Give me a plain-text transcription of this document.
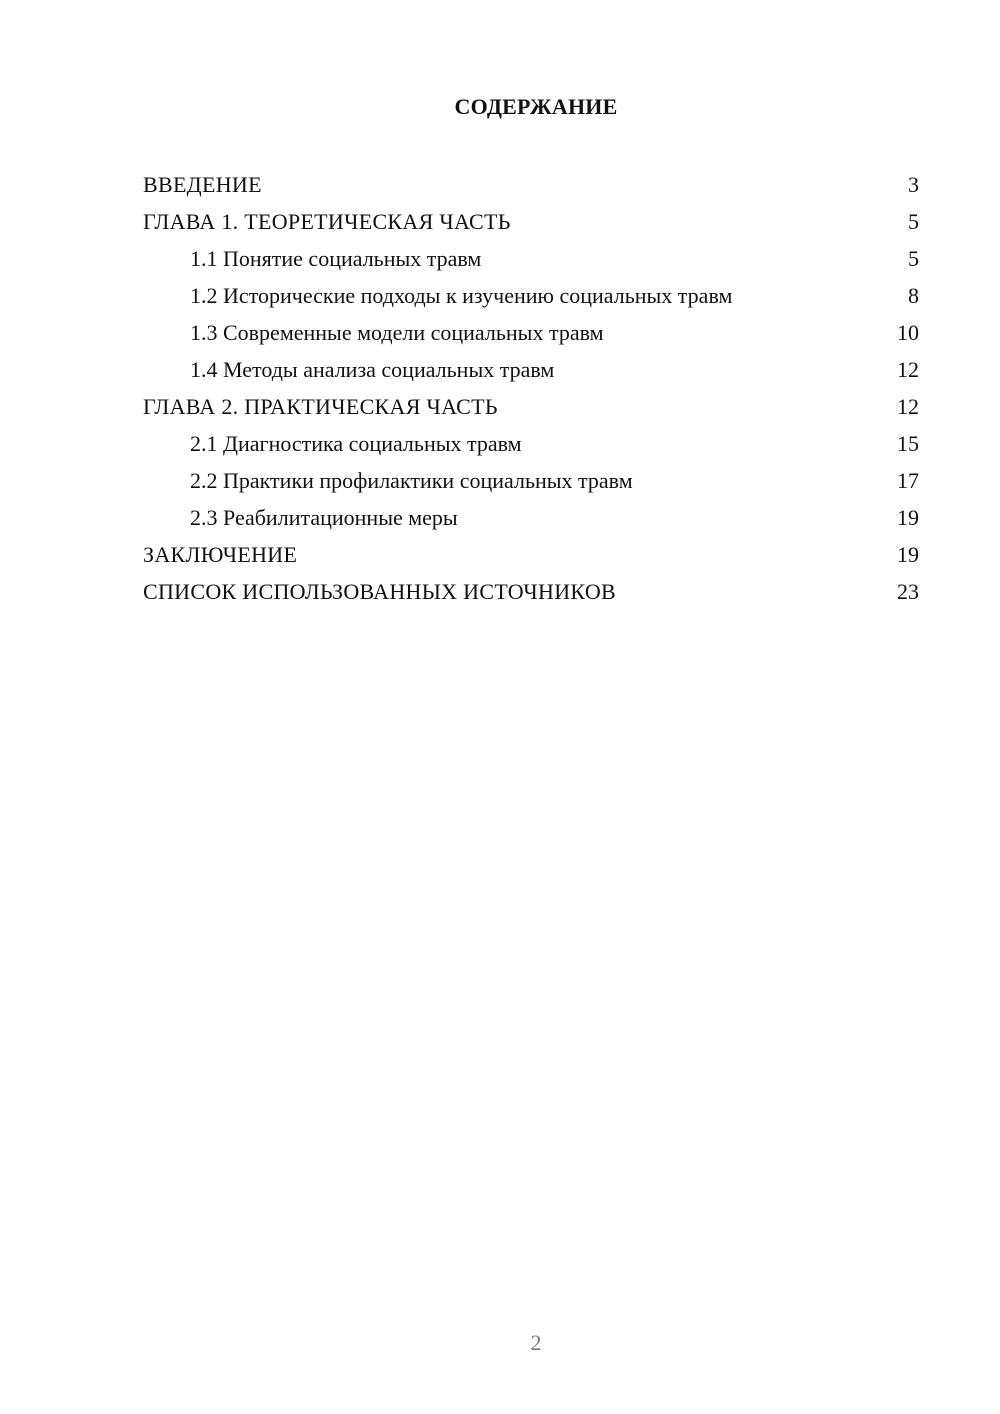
СОДЕРЖАНИЕ
ВВЕДЕНИЕ	3
ГЛАВА 1. ТЕОРЕТИЧЕСКАЯ ЧАСТЬ	5
1.1 Понятие социальных травм	5
1.2 Исторические подходы к изучению социальных травм	8
1.3 Современные модели социальных травм	10
1.4 Методы анализа социальных травм	12
ГЛАВА 2. ПРАКТИЧЕСКАЯ ЧАСТЬ	12
2.1 Диагностика социальных травм	15
2.2 Практики профилактики социальных травм	17
2.3 Реабилитационные меры	19
ЗАКЛЮЧЕНИЕ	19
СПИСОК ИСПОЛЬЗОВАННЫХ ИСТОЧНИКОВ	23
2
